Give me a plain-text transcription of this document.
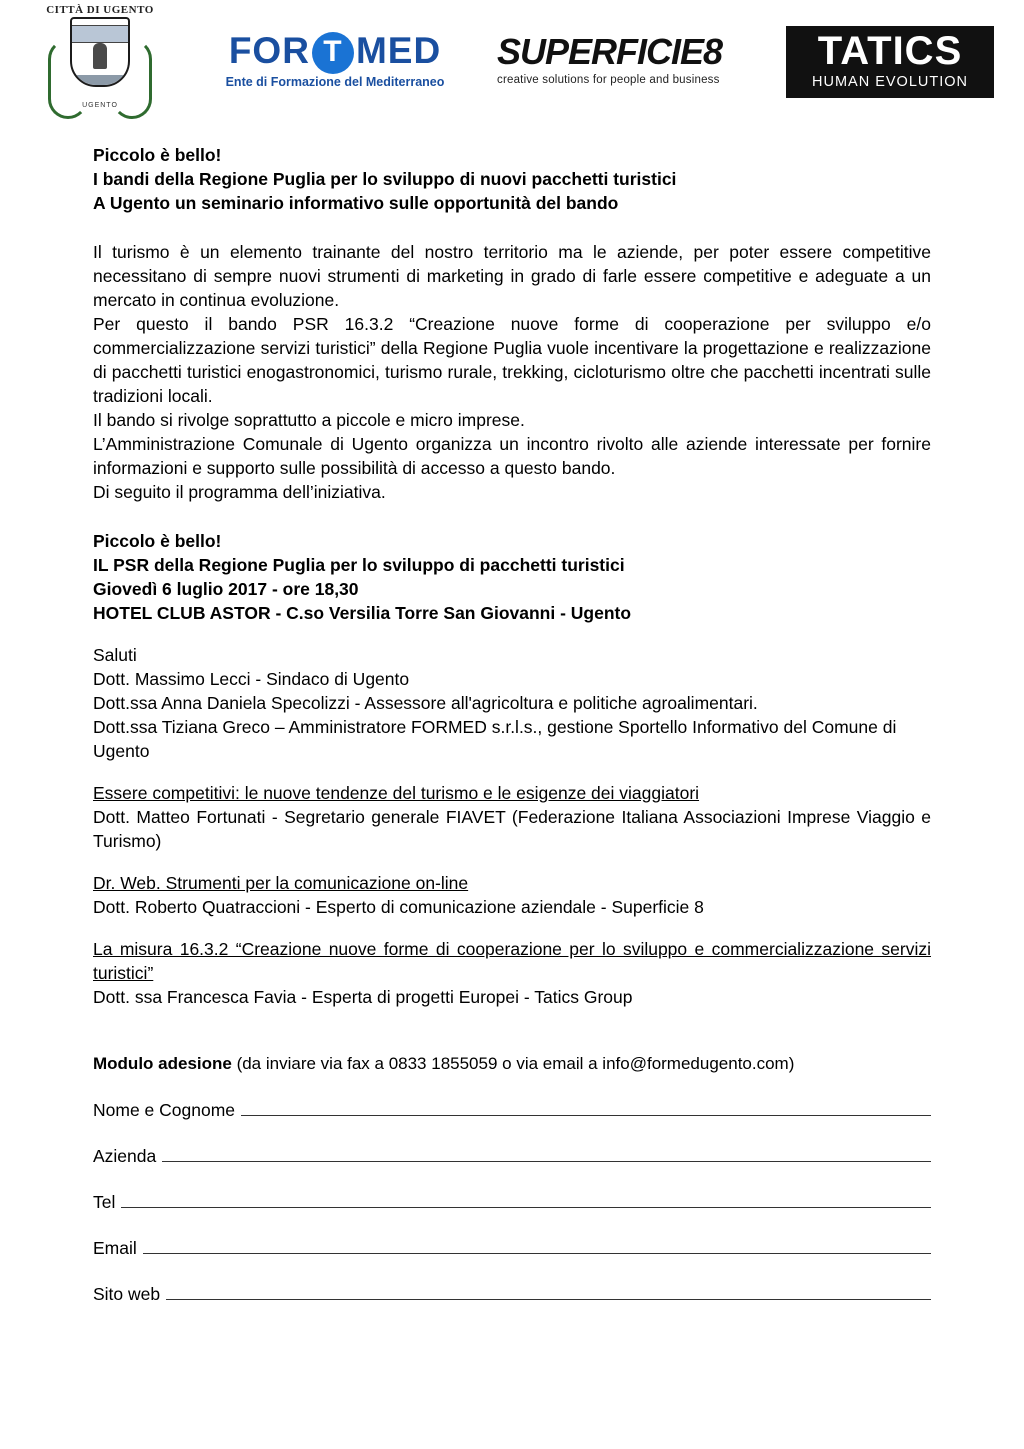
CITTÀ DI UGENTO
UGENTO
FOR T MED
Ente di Formazione del Mediterraneo
SUPERFICIE8
creative solutions for people and business
TATICS
HUMAN EVOLUTION
Piccolo è bello!
I bandi della Regione Puglia per lo sviluppo di nuovi pacchetti turistici
A Ugento un seminario informativo sulle opportunità del bando

Il turismo è un elemento trainante del nostro territorio ma le aziende, per poter essere competitive necessitano di sempre nuovi strumenti di marketing in grado di farle essere competitive e adeguate a un mercato in continua evoluzione.

Per questo il bando PSR 16.3.2 “Creazione nuove forme di cooperazione per sviluppo e/o commercializzazione servizi turistici” della Regione Puglia vuole incentivare la progettazione e realizzazione di pacchetti turistici enogastronomici, turismo rurale, trekking, cicloturismo oltre che pacchetti incentrati sulle tradizioni locali.

Il bando si rivolge soprattutto a piccole e micro imprese.

L’Amministrazione Comunale di Ugento organizza un incontro rivolto alle aziende interessate per fornire informazioni e supporto sulle possibilità di accesso a questo bando.

Di seguito il programma dell’iniziativa.

Piccolo è bello!
IL PSR della Regione Puglia per lo sviluppo di pacchetti turistici
Giovedì 6 luglio 2017 - ore 18,30
HOTEL CLUB ASTOR - C.so Versilia Torre San Giovanni - Ugento
Saluti
Dott. Massimo Lecci - Sindaco di Ugento
Dott.ssa Anna Daniela Specolizzi - Assessore all'agricoltura e politiche agroalimentari.
Dott.ssa Tiziana Greco – Amministratore FORMED s.r.l.s., gestione Sportello Informativo del Comune di Ugento
Essere competitivi: le nuove tendenze del turismo e le esigenze dei viaggiatori
Dott. Matteo Fortunati - Segretario generale FIAVET (Federazione Italiana Associazioni Imprese Viaggio e Turismo)
Dr. Web. Strumenti per la comunicazione on-line
Dott. Roberto Quatraccioni - Esperto di comunicazione aziendale - Superficie 8
La misura 16.3.2 “Creazione nuove forme di cooperazione per lo sviluppo e commercializzazione servizi turistici”
Dott. ssa Francesca Favia - Esperta di progetti Europei - Tatics Group
Modulo adesione (da inviare via fax a 0833 1855059 o via email a info@formedugento.com)
Nome e Cognome
Azienda
Tel
Email
Sito web
